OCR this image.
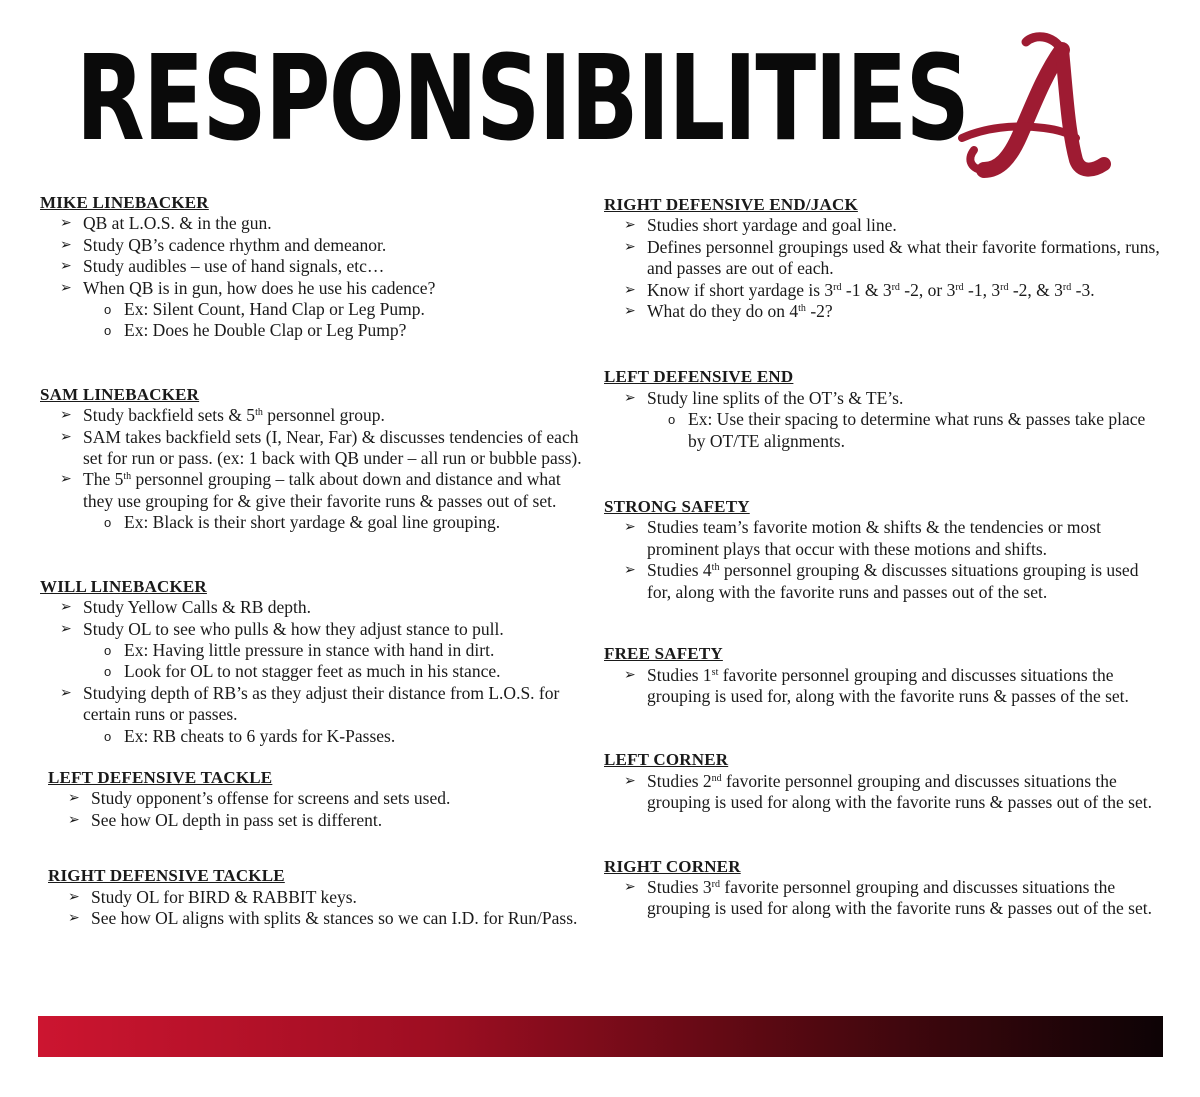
RESPONSIBILITIES
A
MIKE LINEBACKER
➢ QB at L.O.S. & in the gun.
➢ Study QB’s cadence rhythm and demeanor.
➢ Study audibles – use of hand signals, etc…
➢ When QB is in gun, how does he use his cadence?
o Ex: Silent Count, Hand Clap or Leg Pump.
o Ex: Does he Double Clap or Leg Pump?
SAM LINEBACKER
➢ Study backfield sets & 5th personnel group.
➢ SAM takes backfield sets (I, Near, Far) & discusses tendencies of each set for run or pass. (ex: 1 back with QB under – all run or bubble pass).
➢ The 5th personnel grouping – talk about down and distance and what they use grouping for & give their favorite runs & passes out of set.
o Ex: Black is their short yardage & goal line grouping.
WILL LINEBACKER
➢ Study Yellow Calls & RB depth.
➢ Study OL to see who pulls & how they adjust stance to pull.
o Ex: Having little pressure in stance with hand in dirt.
o Look for OL to not stagger feet as much in his stance.
➢ Studying depth of RB’s as they adjust their distance from L.O.S. for certain runs or passes.
o Ex: RB cheats to 6 yards for K-Passes.
LEFT DEFENSIVE TACKLE
➢ Study opponent’s offense for screens and sets used.
➢ See how OL depth in pass set is different.
RIGHT DEFENSIVE TACKLE
➢ Study OL for BIRD & RABBIT keys.
➢ See how OL aligns with splits & stances so we can I.D. for Run/Pass.
RIGHT DEFENSIVE END/JACK
➢ Studies short yardage and goal line.
➢ Defines personnel groupings used & what their favorite formations, runs, and passes are out of each.
➢ Know if short yardage is 3rd -1 & 3rd -2, or 3rd -1, 3rd -2, & 3rd -3.
➢ What do they do on 4th -2?
LEFT DEFENSIVE END
➢ Study line splits of the OT’s & TE’s.
o Ex: Use their spacing to determine what runs & passes take place by OT/TE alignments.
STRONG SAFETY
➢ Studies team’s favorite motion & shifts & the tendencies or most prominent plays that occur with these motions and shifts.
➢ Studies 4th personnel grouping & discusses situations grouping is used for, along with the favorite runs and passes out of the set.
FREE SAFETY
➢ Studies 1st favorite personnel grouping and discusses situations the grouping is used for, along with the favorite runs & passes of the set.
LEFT CORNER
➢ Studies 2nd favorite personnel grouping and discusses situations the grouping is used for along with the favorite runs & passes out of the set.
RIGHT CORNER
➢ Studies 3rd favorite personnel grouping and discusses situations the grouping is used for along with the favorite runs & passes out of the set.
